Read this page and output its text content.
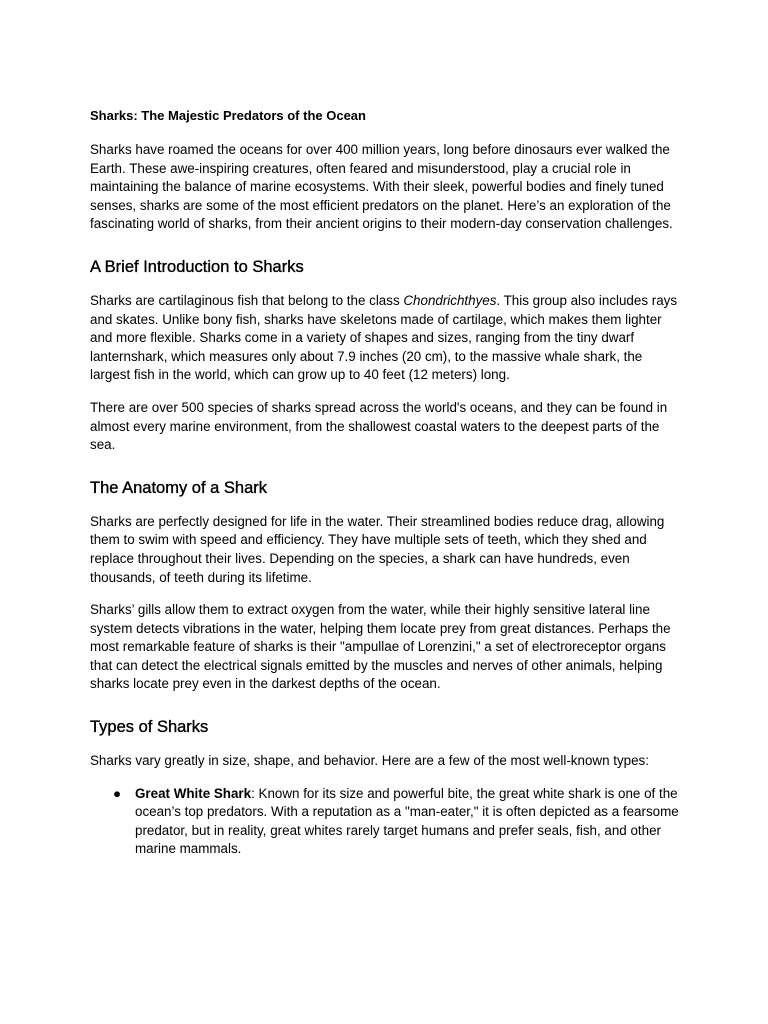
Sharks: The Majestic Predators of the Ocean

Sharks have roamed the oceans for over 400 million years, long before dinosaurs ever walked the Earth. These awe-inspiring creatures, often feared and misunderstood, play a crucial role in maintaining the balance of marine ecosystems. With their sleek, powerful bodies and finely tuned senses, sharks are some of the most efficient predators on the planet. Here’s an exploration of the fascinating world of sharks, from their ancient origins to their modern-day conservation challenges.

A Brief Introduction to Sharks

Sharks are cartilaginous fish that belong to the class Chondrichthyes. This group also includes rays and skates. Unlike bony fish, sharks have skeletons made of cartilage, which makes them lighter and more flexible. Sharks come in a variety of shapes and sizes, ranging from the tiny dwarf lanternshark, which measures only about 7.9 inches (20 cm), to the massive whale shark, the largest fish in the world, which can grow up to 40 feet (12 meters) long.

There are over 500 species of sharks spread across the world's oceans, and they can be found in almost every marine environment, from the shallowest coastal waters to the deepest parts of the sea.

The Anatomy of a Shark

Sharks are perfectly designed for life in the water. Their streamlined bodies reduce drag, allowing them to swim with speed and efficiency. They have multiple sets of teeth, which they shed and replace throughout their lives. Depending on the species, a shark can have hundreds, even thousands, of teeth during its lifetime.

Sharks’ gills allow them to extract oxygen from the water, while their highly sensitive lateral line system detects vibrations in the water, helping them locate prey from great distances. Perhaps the most remarkable feature of sharks is their "ampullae of Lorenzini," a set of electroreceptor organs that can detect the electrical signals emitted by the muscles and nerves of other animals, helping sharks locate prey even in the darkest depths of the ocean.

Types of Sharks

Sharks vary greatly in size, shape, and behavior. Here are a few of the most well-known types:

● Great White Shark: Known for its size and powerful bite, the great white shark is one of the ocean’s top predators. With a reputation as a "man-eater," it is often depicted as a fearsome predator, but in reality, great whites rarely target humans and prefer seals, fish, and other marine mammals.
